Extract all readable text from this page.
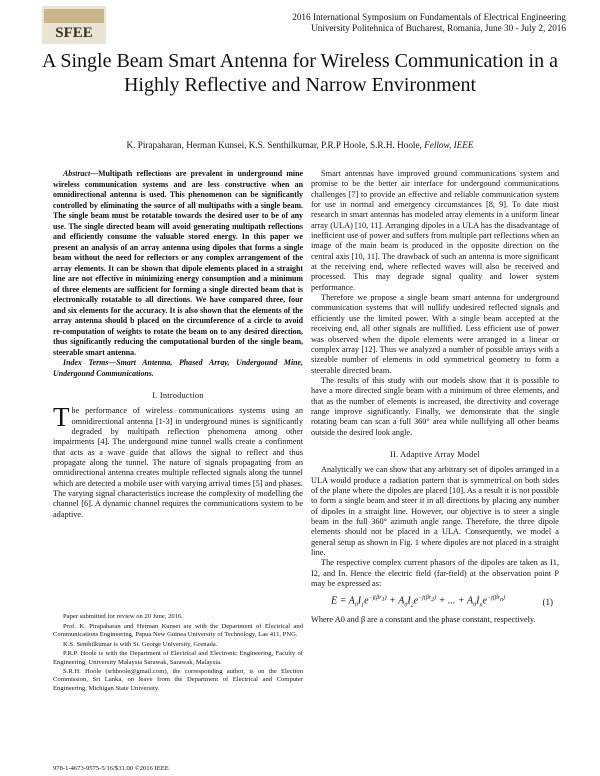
SFEE
2016 International Symposium on Fundamentals of Electrical Engineering
University Politehnica of Bucharest, Romania, June 30 - July 2, 2016
A Single Beam Smart Antenna for Wireless Communication in a Highly Reflective and Narrow Environment
K. Pirapaharan, Herman Kunsei, K.S. Senthilkumar, P.R.P Hoole, S.R.H. Hoole, Fellow, IEEE

Abstract—Multipath reflections are prevalent in underground mine wireless communication systems and are less constructive when an omnidirectional antenna is used. This phenomenon can be significantly controlled by eliminating the source of all multipaths with a single beam. The single beam must be rotatable towards the desired user to be of any use. The single directed beam will avoid generating multipath reflections and efficiently consume the valuable stored energy. In this paper we present an analysis of an array antenna using dipoles that forms a single beam without the need for reflectors or any complex arrangement of the array elements. It can be shown that dipole elements placed in a straight line are not effective in minimizing energy consumption and a minimum of three elements are sufficient for forming a single directed beam that is electronically rotatable to all directions. We have compared three, four and six elements for the accuracy. It is also shown that the elements of the array antenna should b placed on the circumference of a circle to avoid re-computation of weights to rotate the beam on to any desired direction, thus significantly reducing the computational burden of the single beam, steerable smart antenna.

Index Terms—Smart Antenna, Phased Array, Undergound Mine, Undergound Communications.

I. Introduction

The performance of wireless communications systems using an omnidirectional antenna [1-3] in underground mines is significantly degraded by multipath reflection phenomena among other impairments [4]. The undergound mine tunnel walls create a confinment that acts as a wave guide that allows the signal to reflect and thus propagate along the tunnel. The nature of signals propagating from an omnidirectional antenna creates multiple reflected signals along the tunnel which are detected a mobile user with varying arrival times [5] and phases. The varying signal characteristics increase the complexity of modelling the channel [6]. A dynamic channel requires the communications system to be adaptive.

Paper submitted for review on 20 June, 2016.

Prof. K. Pirapaharan and Herman Kunsei are with the Department of Electrical and Communications Engineering, Papua New Guinea University of Technology, Lae 411, PNG.

K.S. Senthilkumar is with St. George University, Grenada.

P.R.P. Hoole is with the Department of Electrical and Electronic Engineering, Faculty of Engineering, University Malaysia Sarawak, Sarawak, Malaysia.

S.R.H. Hoole (srhhoole@gmail.com), the corresponding author, is on the Election Commission, Sri Lanka, on leave from the Department of Electrical and Computer Engineering, Michigan State University.

978-1-4673-9575-5/16/$31.00 ©2016 IEEE

Smart antennas have improved ground communications system and promise to be the better air interface for undergound communications challenges [7] to provide an effective and reliable communication system for use in normal and emergency circumstances [8, 9]. To date most research in smart antennas has modeled array elements in a uniform linear array (ULA) [10, 11]. Arranging dipoles in a ULA has the disadvantage of inefficient use of power and suffers from multiple part reflections when an image of the main beam is produced in the opposite direction on the central axis [10, 11]. The drawback of such an antenna is more significant at the receiving end, where reflected waves will also be received and processed. This may degrade signal quality and lower system performance.

Therefore we propose a single beam smart antenna for underground communication systems that will nullify undesired reflected signals and efficiently use the limited power. With a single beam accepted at the receiving end, all other signals are nullified. Less efficient use of power was observed when the dipole elements were arranged in a linear or complex array [12]. Thus we analyzed a number of possible arrays with a sizeable number of elements in odd symmetrical geometry to form a steerable directed beam.

The results of this study with our models show that it is possible to have a more directed single beam with a minimum of three elements, and that as the number of elements is increased, the directivity and coverage range improve significantly. Finally, we demonstrate that the single rotating beam can scan a full 360° area while nullifying all other beams outside the desired look angle.

II. Adaptive Array Model

Analytically we can show that any arbitrary set of dipoles arranged in a ULA would produce a radiation pattern that is symmetrical on both sides of the plane where the dipoles are placed [10]. As a result it is not possible to form a single beam and steer it in all directions by placing any number of dipoles in a straight line. However, our objective is to steer a single beam in the full 360° azimuth angle range. Therefore, the three dipole elements should not be placed in a ULA. Consequently, we model a general setup as shown in Fig. 1 where dipoles are not placed in a straight line.

The respective complex current phasors of the dipoles are taken as I1, I2, and In. Hence the electric field (far-field) at the observation point P may be expressed as:

$E = A_0I_1e^{-j(\beta r_1)} + A_0I_2e^{-j(\beta r_2)}$ + ... + $A_0I_ne^{-j(\beta r_n)}$	(1)

Where A0 and β are a constant and the phase constant, respectively.
